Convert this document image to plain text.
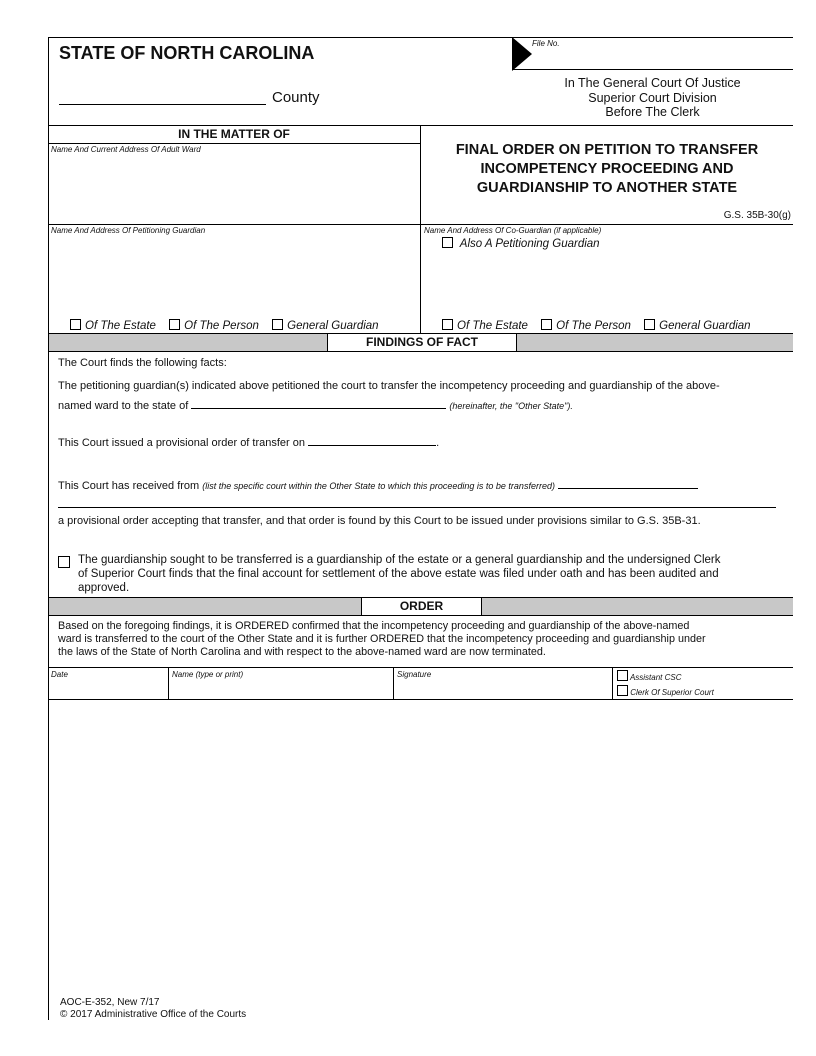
STATE OF NORTH CAROLINA
County
File No.
In The General Court Of Justice
Superior Court Division
Before The Clerk
IN THE MATTER OF
Name And Current Address Of Adult Ward	FINAL ORDER ON PETITION TO TRANSFER
INCOMPETENCY PROCEEDING AND
GUARDIANSHIP TO ANOTHER STATE
G.S. 35B-30(g)
Name And Address Of Petitioning Guardian	Name And Address Of Co-Guardian (if applicable)
Also A Petitioning Guardian
Of The Estate Of The Person General Guardian	Of The Estate Of The Person General Guardian
FINDINGS OF FACT
The Court finds the following facts:
The petitioning guardian(s) indicated above petitioned the court to transfer the incompetency proceeding and guardianship of the above-
named ward to the state of	(hereinafter, the "Other State").
This Court issued a provisional order of transfer on	.
This Court has received from (list the specific court within the Other State to which this proceeding is to be transferred)
a provisional order accepting that transfer, and that order is found by this Court to be issued under provisions similar to G.S. 35B-31.
The guardianship sought to be transferred is a guardianship of the estate or a general guardianship and the undersigned Clerk
of Superior Court finds that the final account for settlement of the above estate was filed under oath and has been audited and
approved.
ORDER
Based on the foregoing findings, it is ORDERED confirmed that the incompetency proceeding and guardianship of the above-named
ward is transferred to the court of the Other State and it is further ORDERED that the incompetency proceeding and guardianship under
the laws of the State of North Carolina and with respect to the above-named ward are now terminated.
Date	Name (type or print)	Signature	Assistant CSC
Clerk Of Superior Court
AOC-E-352, New 7/17
© 2017 Administrative Office of the Courts
